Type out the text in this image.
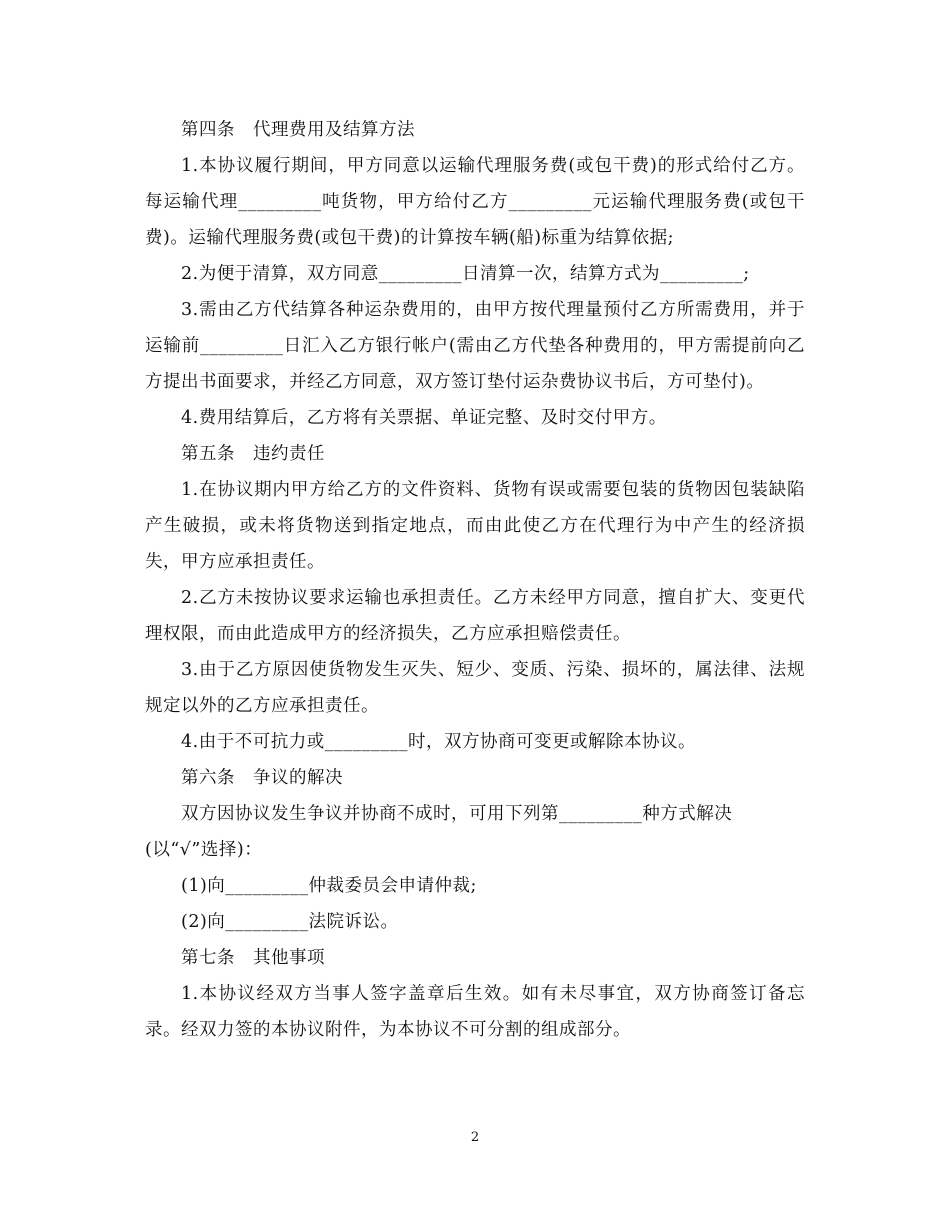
第四条　代理费用及结算方法

1.本协议履行期间，甲方同意以运输代理服务费(或包干费)的形式给付乙方。每运输代理_________吨货物，甲方给付乙方_________元运输代理服务费(或包干费)。运输代理服务费(或包干费)的计算按车辆(船)标重为结算依据;

2.为便于清算，双方同意_________日清算一次，结算方式为_________;

3.需由乙方代结算各种运杂费用的，由甲方按代理量预付乙方所需费用，并于运输前_________日汇入乙方银行帐户(需由乙方代垫各种费用的，甲方需提前向乙方提出书面要求，并经乙方同意，双方签订垫付运杂费协议书后，方可垫付)。

4.费用结算后，乙方将有关票据、单证完整、及时交付甲方。

第五条　违约责任

1.在协议期内甲方给乙方的文件资料、货物有误或需要包装的货物因包装缺陷产生破损，或未将货物送到指定地点，而由此使乙方在代理行为中产生的经济损失，甲方应承担责任。

2.乙方未按协议要求运输也承担责任。乙方未经甲方同意，擅自扩大、变更代理权限，而由此造成甲方的经济损失，乙方应承担赔偿责任。

3.由于乙方原因使货物发生灭失、短少、变质、污染、损坏的，属法律、法规规定以外的乙方应承担责任。

4.由于不可抗力或_________时，双方协商可变更或解除本协议。

第六条　争议的解决

双方因协议发生争议并协商不成时，可用下列第_________种方式解决

(以“√”选择)：

(1)向_________仲裁委员会申请仲裁;

(2)向_________法院诉讼。

第七条　其他事项

1.本协议经双方当事人签字盖章后生效。如有未尽事宜，双方协商签订备忘录。经双力签的本协议附件，为本协议不可分割的组成部分。

2
